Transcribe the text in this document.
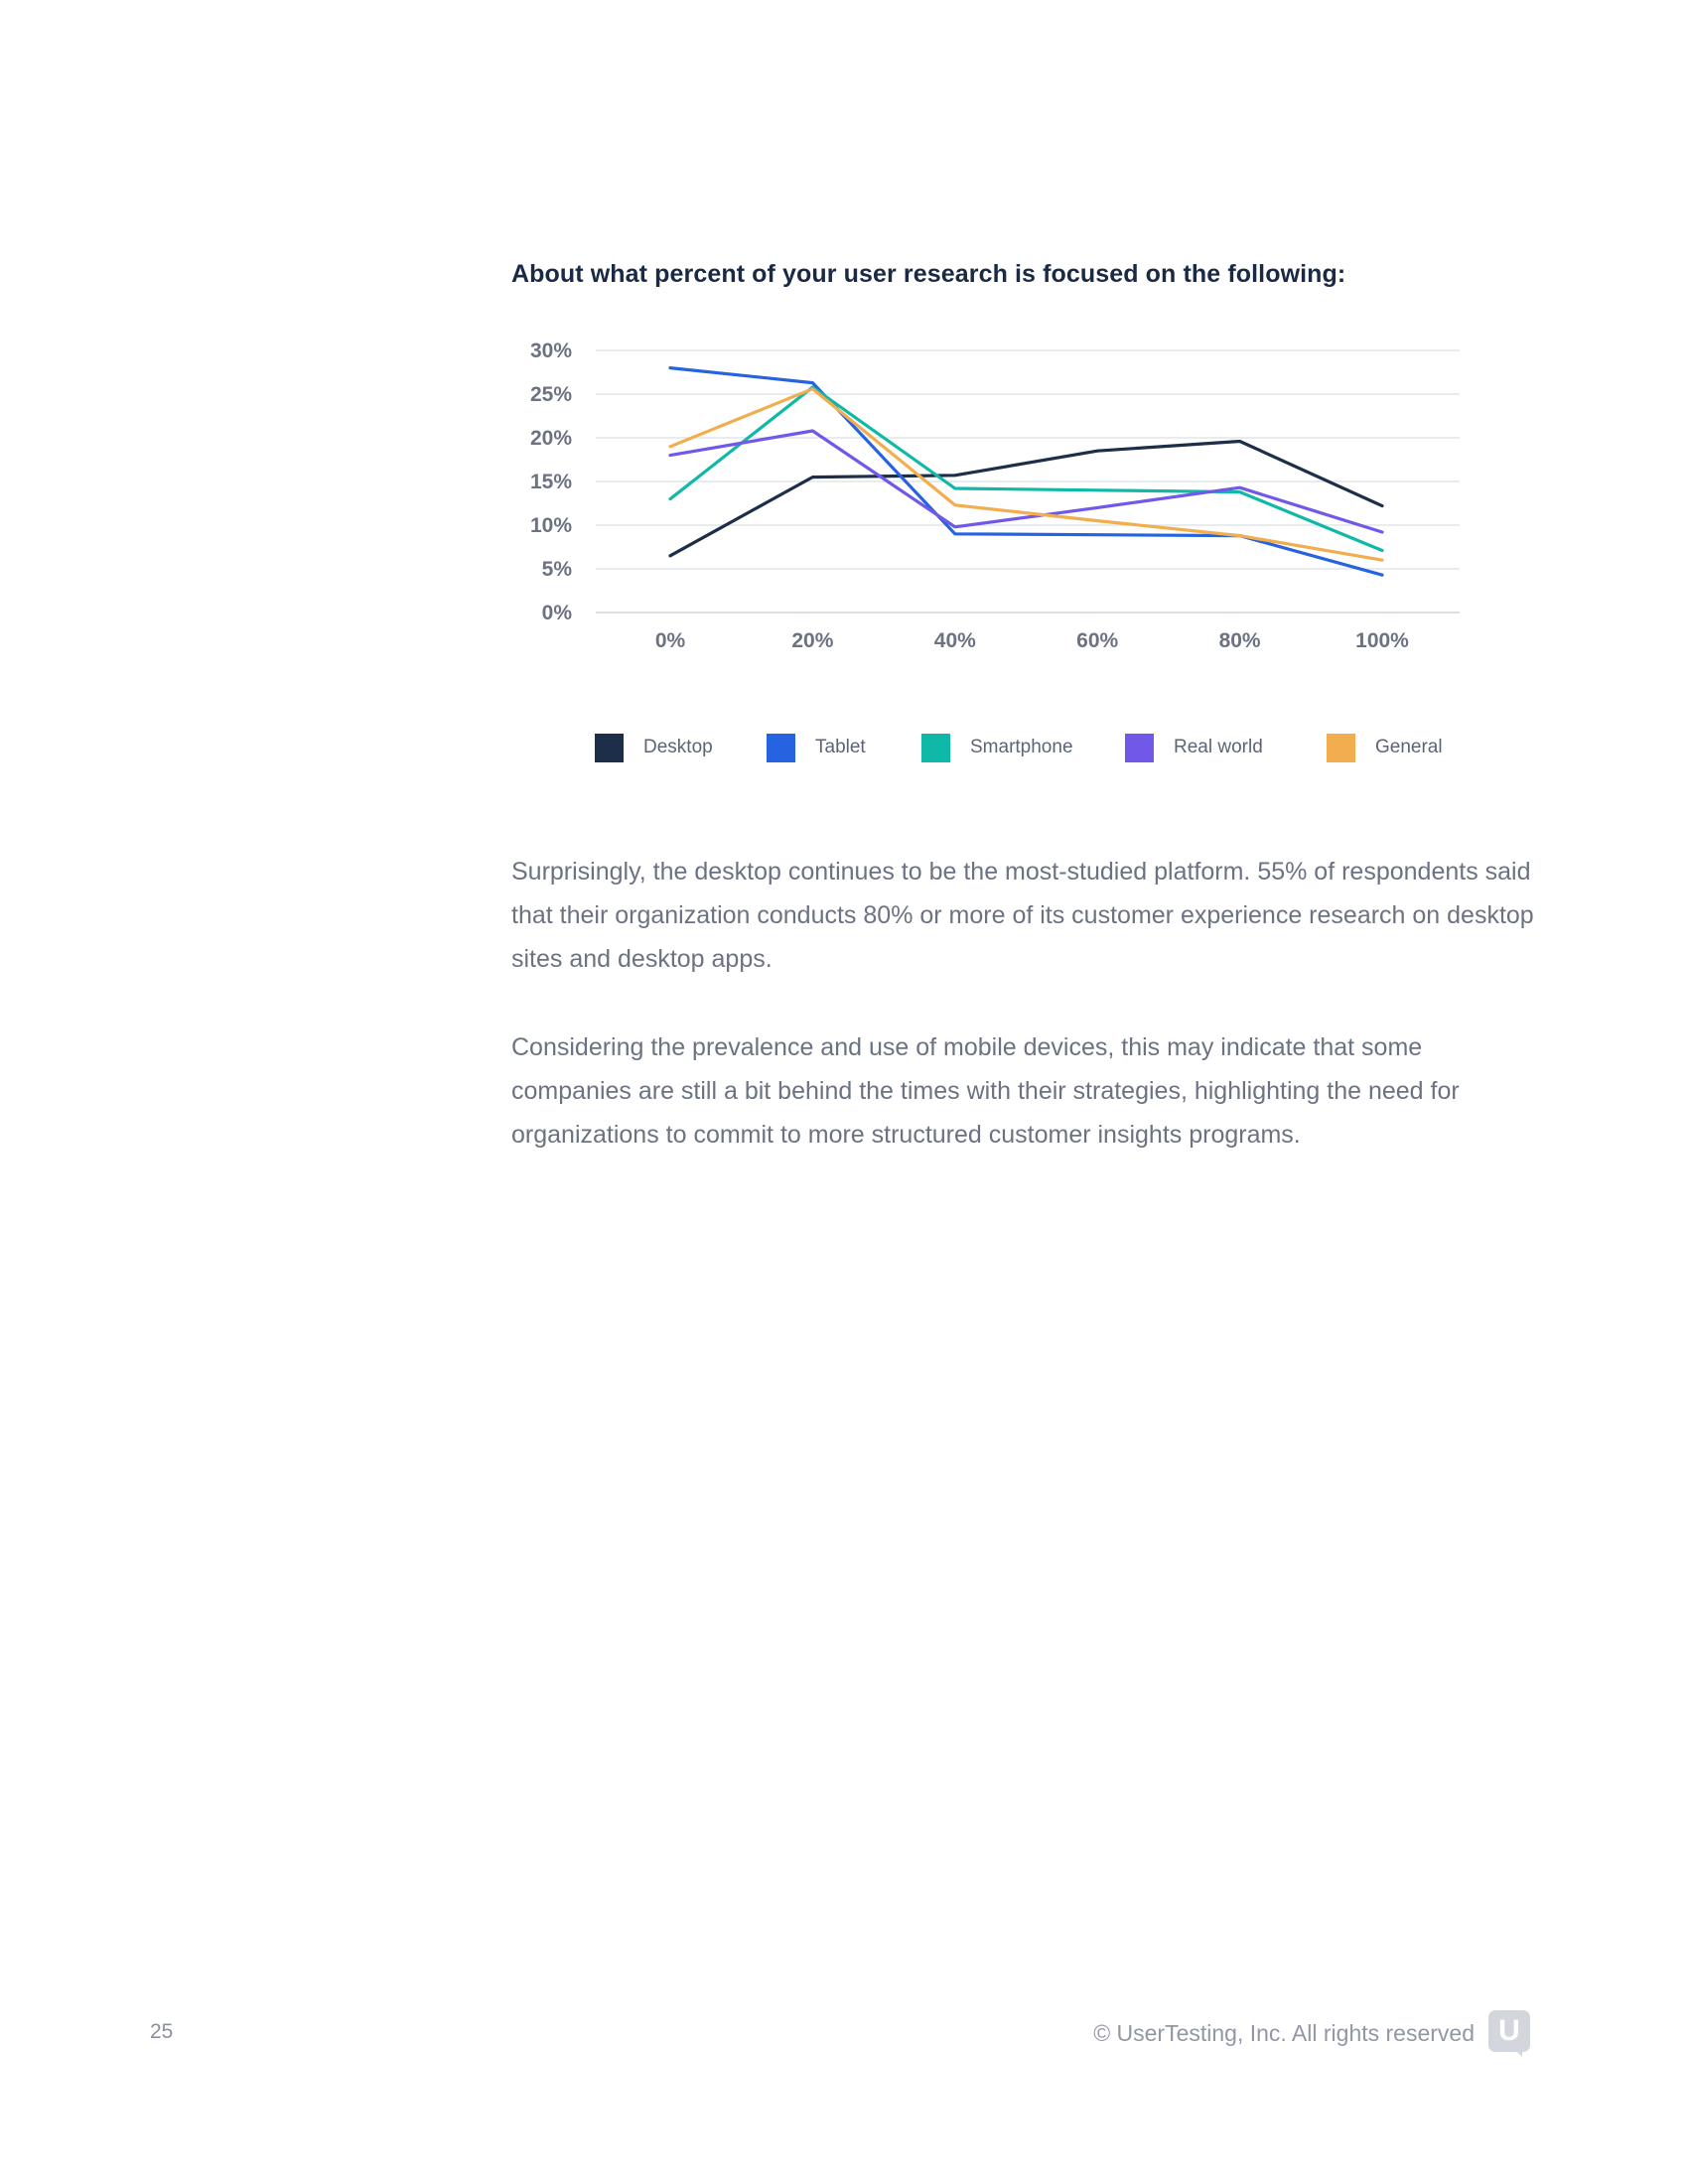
About what percent of your user research is focused on the following:
0%
5%
10%
15%
20%
25%
30%
0%	20%	40%	60%	80%	100%
Desktop	Tablet	Smartphone	Real world	General

Surprisingly, the desktop continues to be the most-studied platform. 55% of respondents said that their organization conducts 80% or more of its customer experience research on desktop sites and desktop apps.

Considering the prevalence and use of mobile devices, this may indicate that some companies are still a bit behind the times with their strategies, highlighting the need for organizations to commit to more structured customer insights programs.

25	© UserTesting, Inc. All rights reserved U
